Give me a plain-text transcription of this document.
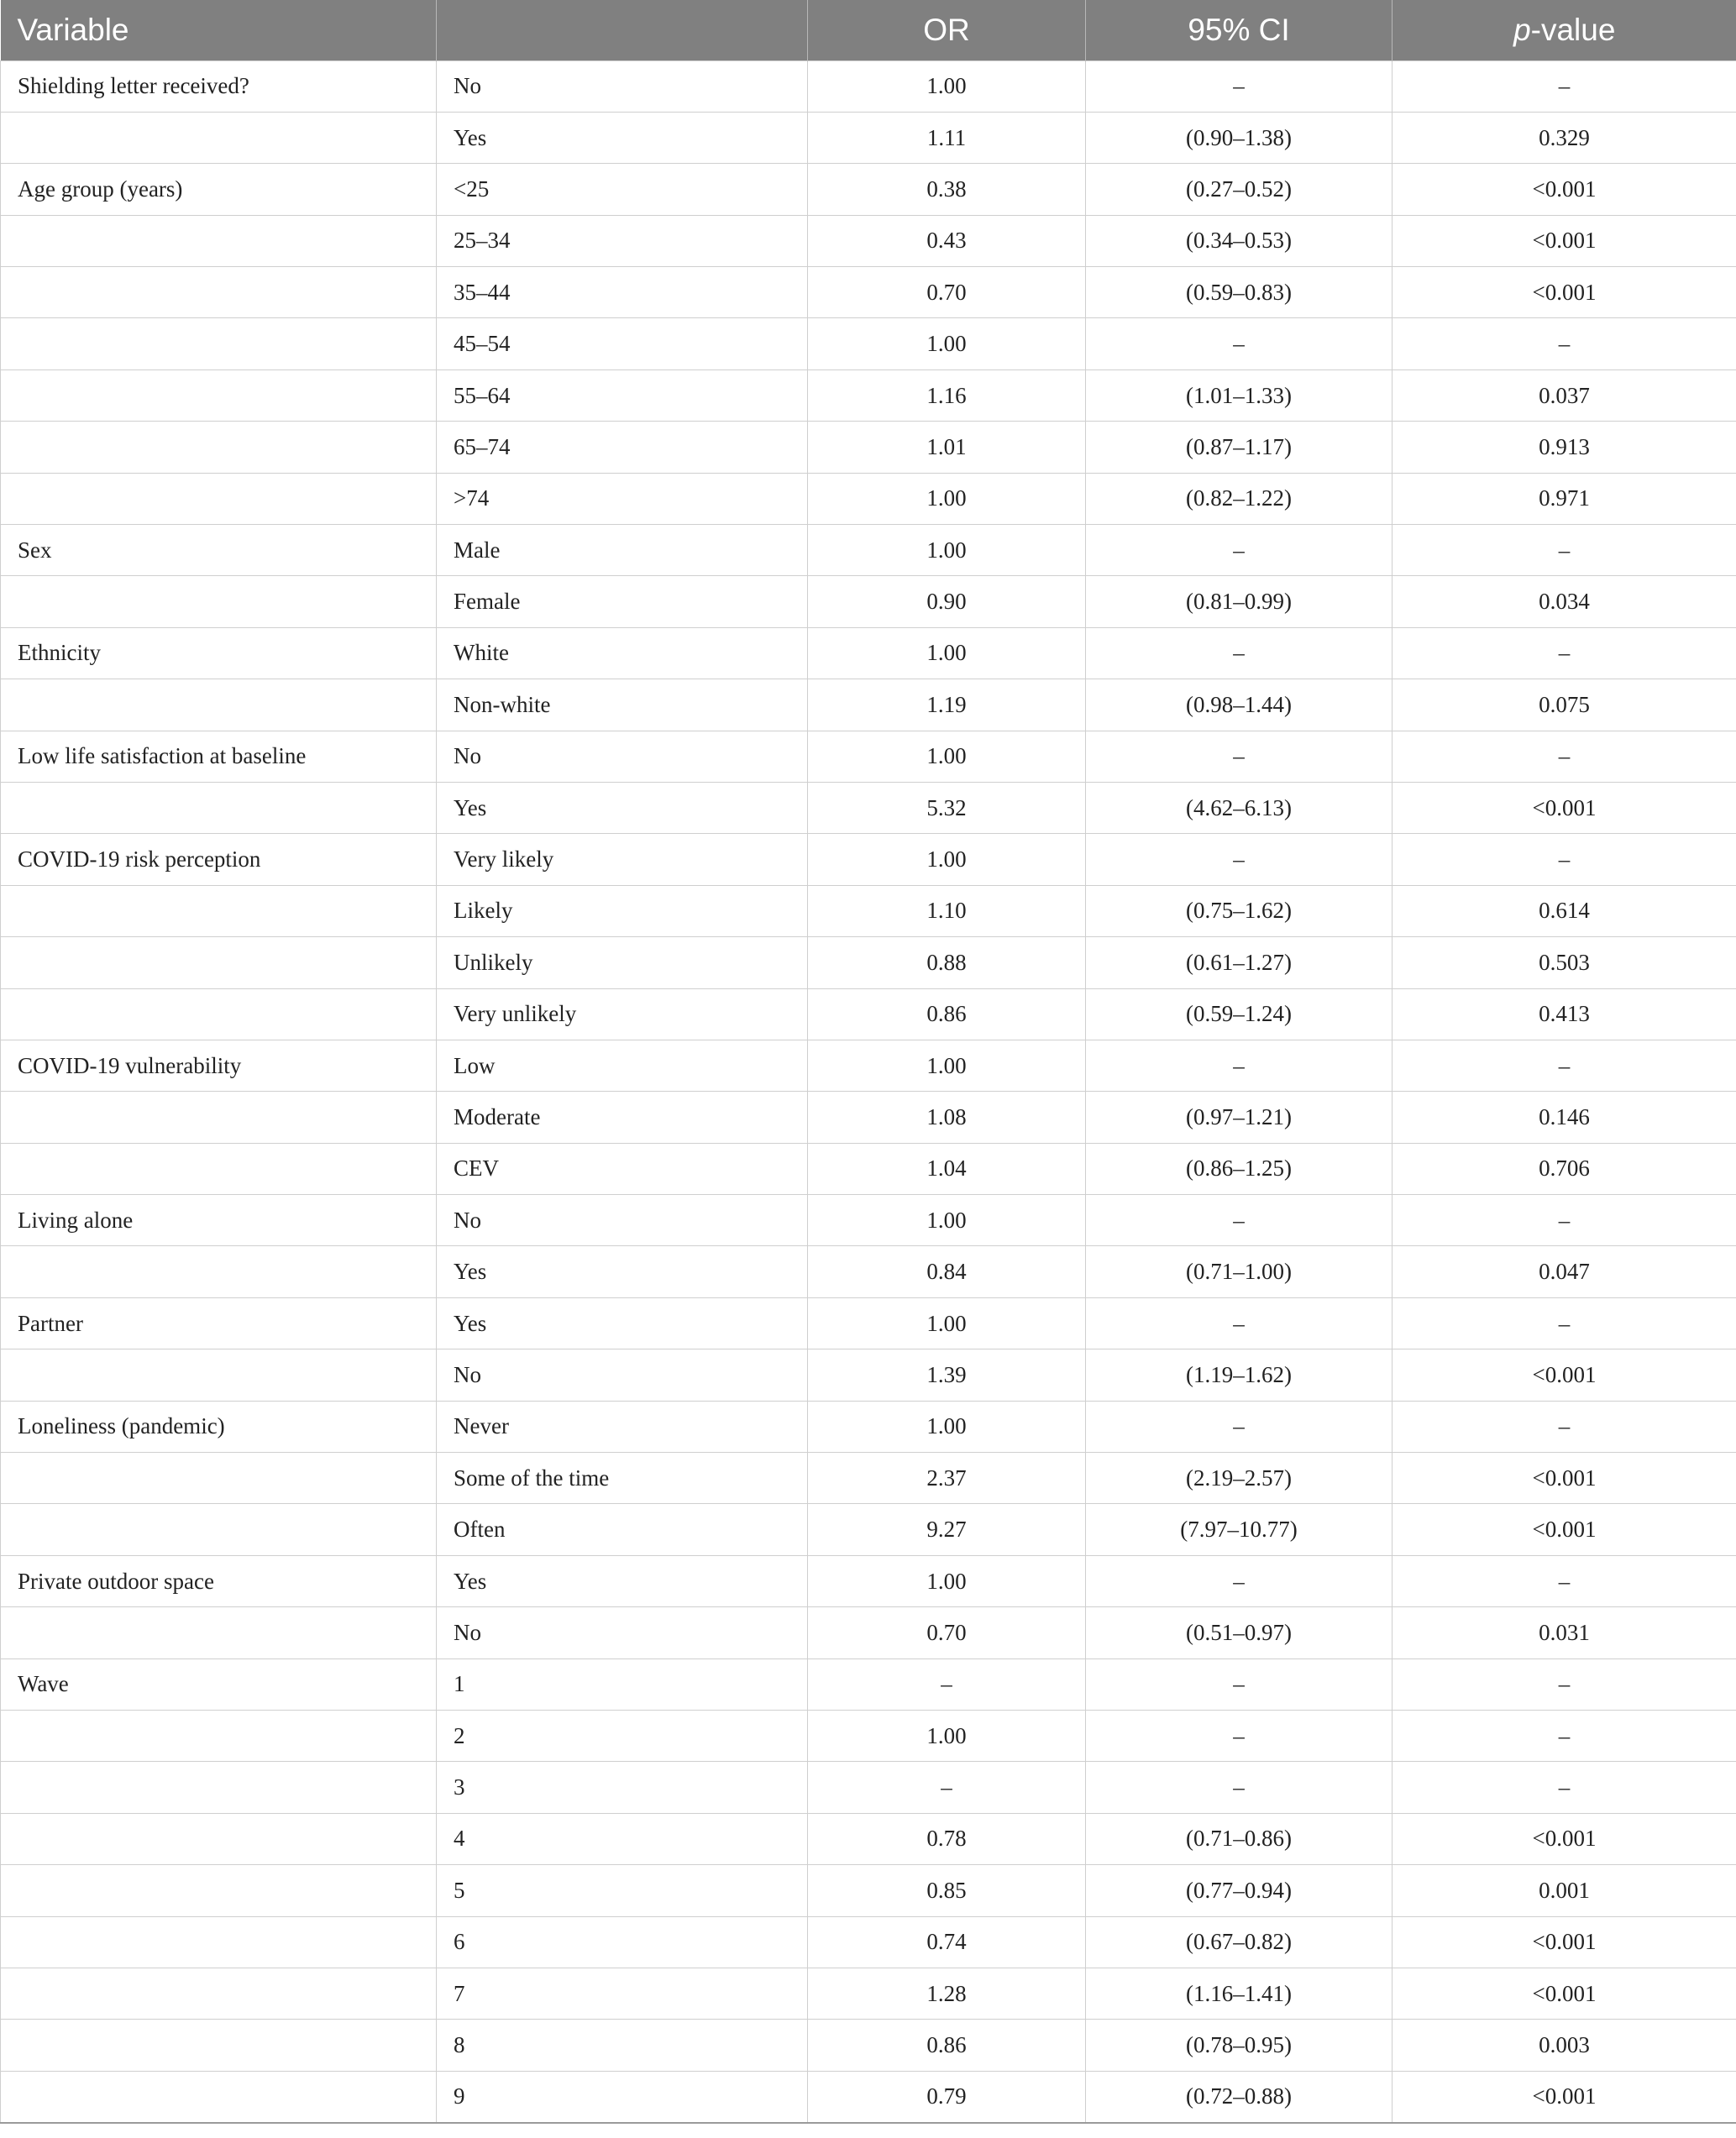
Variable		OR	95% CI	p-value
Shielding letter received?	No	1.00	–	–
	Yes	1.11	(0.90–1.38)	0.329
Age group (years)	<25	0.38	(0.27–0.52)	<0.001
	25–34	0.43	(0.34–0.53)	<0.001
	35–44	0.70	(0.59–0.83)	<0.001
	45–54	1.00	–	–
	55–64	1.16	(1.01–1.33)	0.037
	65–74	1.01	(0.87–1.17)	0.913
	>74	1.00	(0.82–1.22)	0.971
Sex	Male	1.00	–	–
	Female	0.90	(0.81–0.99)	0.034
Ethnicity	White	1.00	–	–
	Non-white	1.19	(0.98–1.44)	0.075
Low life satisfaction at baseline	No	1.00	–	–
	Yes	5.32	(4.62–6.13)	<0.001
COVID-19 risk perception	Very likely	1.00	–	–
	Likely	1.10	(0.75–1.62)	0.614
	Unlikely	0.88	(0.61–1.27)	0.503
	Very unlikely	0.86	(0.59–1.24)	0.413
COVID-19 vulnerability	Low	1.00	–	–
	Moderate	1.08	(0.97–1.21)	0.146
	CEV	1.04	(0.86–1.25)	0.706
Living alone	No	1.00	–	–
	Yes	0.84	(0.71–1.00)	0.047
Partner	Yes	1.00	–	–
	No	1.39	(1.19–1.62)	<0.001
Loneliness (pandemic)	Never	1.00	–	–
	Some of the time	2.37	(2.19–2.57)	<0.001
	Often	9.27	(7.97–10.77)	<0.001
Private outdoor space	Yes	1.00	–	–
	No	0.70	(0.51–0.97)	0.031
Wave	1	–	–	–
	2	1.00	–	–
	3	–	–	–
	4	0.78	(0.71–0.86)	<0.001
	5	0.85	(0.77–0.94)	0.001
	6	0.74	(0.67–0.82)	<0.001
	7	1.28	(1.16–1.41)	<0.001
	8	0.86	(0.78–0.95)	0.003
	9	0.79	(0.72–0.88)	<0.001
